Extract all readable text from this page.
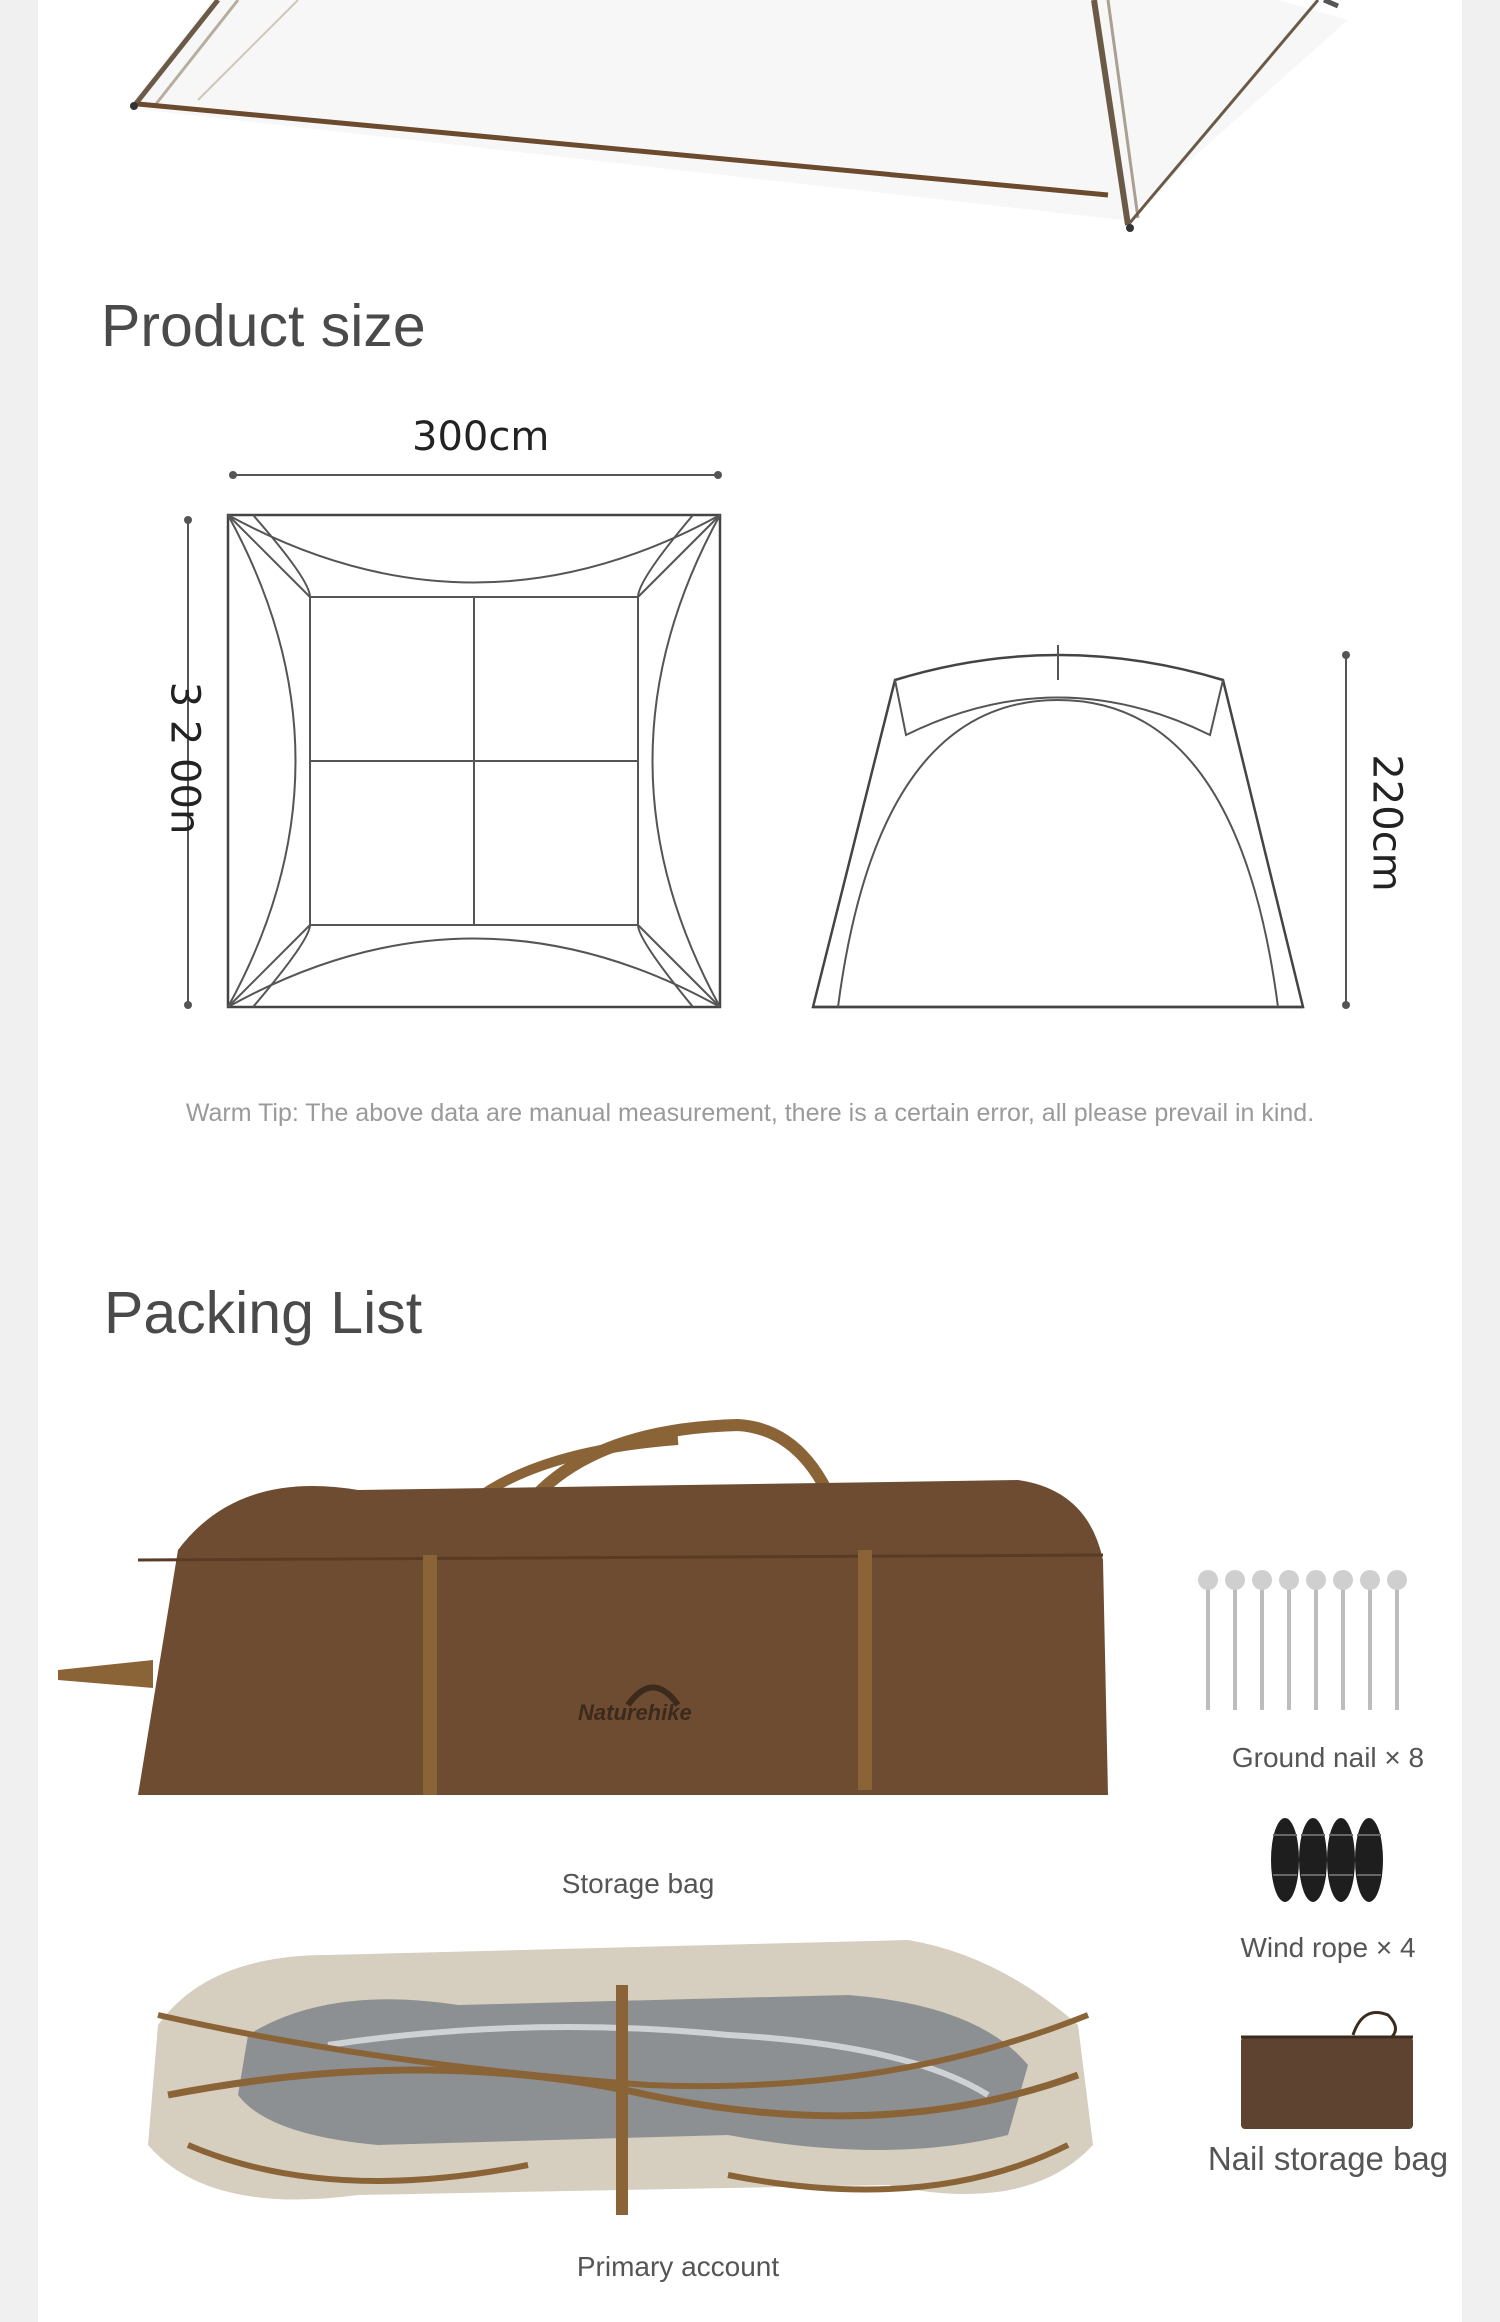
Product size
300cm
3 2 00n	220cm
Warm Tip: The above data are manual measurement, there is a certain error, all please prevail in kind.
Packing List
Naturehike
Storage bag
Primary account
Ground nail × 8
Wind rope × 4
Nail storage bag
